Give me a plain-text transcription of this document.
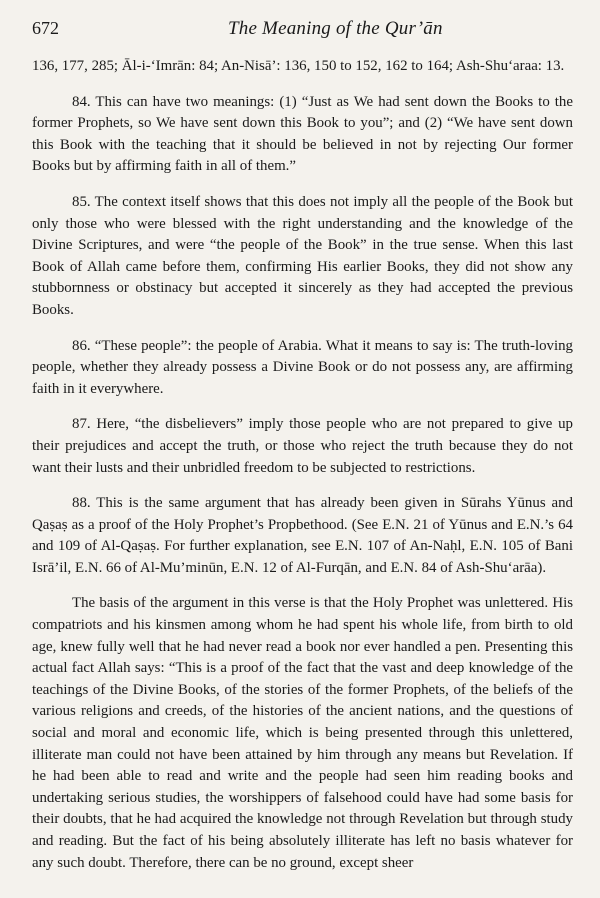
672	The Meaning of the Qur’ān

136, 177, 285; Āl-i-‘Imrān: 84; An-Nisā’: 136, 150 to 152, 162 to 164; Ash-Shu‘araa: 13.

84. This can have two meanings: (1) “Just as We had sent down the Books to the former Prophets, so We have sent down this Book to you”; and (2) “We have sent down this Book with the teaching that it should be believed in not by rejecting Our former Books but by affirming faith in all of them.”

85. The context itself shows that this does not imply all the people of the Book but only those who were blessed with the right understanding and the knowledge of the Divine Scriptures, and were “the people of the Book” in the true sense. When this last Book of Allah came before them, confirming His earlier Books, they did not show any stubbornness or obstinacy but accepted it sincerely as they had accepted the previous Books.

86. “These people”: the people of Arabia. What it means to say is: The truth-loving people, whether they already possess a Divine Book or do not possess any, are affirming faith in it everywhere.

87. Here, “the disbelievers” imply those people who are not prepared to give up their prejudices and accept the truth, or those who reject the truth because they do not want their lusts and their unbridled freedom to be subjected to restrictions.

88. This is the same argument that has already been given in Sūrahs Yūnus and Qaṣaṣ as a proof of the Holy Prophet’s Propbethood. (See E.N. 21 of Yūnus and E.N.’s 64 and 109 of Al-Qaṣaṣ. For further explanation, see E.N. 107 of An-Naḥl, E.N. 105 of Bani Isrā’il, E.N. 66 of Al-Mu’minūn, E.N. 12 of Al-Furqān, and E.N. 84 of Ash-Shu‘arāa).

The basis of the argument in this verse is that the Holy Prophet was unlettered. His compatriots and his kinsmen among whom he had spent his whole life, from birth to old age, knew fully well that he had never read a book nor ever handled a pen. Presenting this actual fact Allah says: “This is a proof of the fact that the vast and deep knowledge of the teachings of the Divine Books, of the stories of the former Prophets, of the beliefs of the various religions and creeds, of the histories of the ancient nations, and the questions of social and moral and economic life, which is being presented through this unlettered, illiterate man could not have been attained by him through any means but Revelation. If he had been able to read and write and the people had seen him reading books and undertaking serious studies, the worshippers of falsehood could have had some basis for their doubts, that he had acquired the knowledge not through Revelation but through study and reading. But the fact of his being absolutely illiterate has left no basis whatever for any such doubt. Therefore, there can be no ground, except sheer
